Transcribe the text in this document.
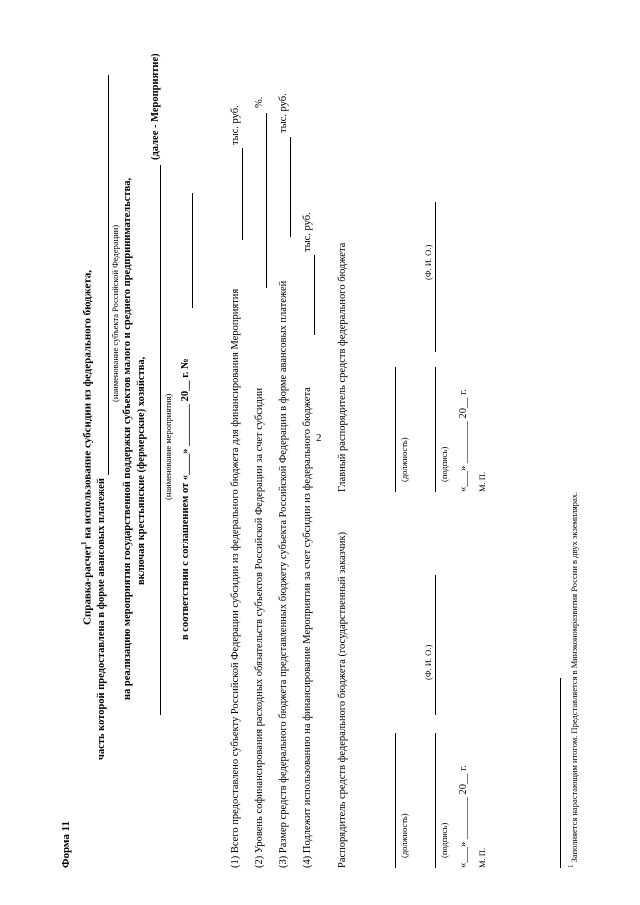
2
Форма 11
Справка-расчет$^1$ на использование субсидии из федерального бюджета,
часть которой предоставлена в форме авансовых платежей
(наименование субъекта Российской Федерации) на реализацию мероприятия государственной поддержки субъектов малого и среднего предпринимательства, включая крестьянские (фермерские) хозяйства,
(далее - Мероприятие)
(наименование мероприятия) в соответствии с соглашением от «____» ________ 20__ г. №	(1) Всего предоставлено субъекту Российской Федерации субсидии из федерального бюджета для финансирования Мероприятия
тыс. руб.
(2) Уровень софинансирования расходных обязательств субъектов Российской Федерации за счет субсидии
%.
(3) Размер средств федерального бюджета представленных бюджету субъекта Российской Федерации в форме авансовых платежей
тыс. руб.
(4) Подлежит использованию на финансирование Мероприятия за счет субсидии из федерального бюджета
тыс. руб.
Распорядитель средств федерального бюджета (государственный заказчик)
Главный распорядитель средств федерального бюджета
(должность)	(подпись)
(Ф. И. О.)
«___» ________ 20__ г. М. П.
(должность)	(подпись)
(Ф. И. О.)
«___» ________ 20__ г. М. П.
$^1$ Заполняется нарастающим итогом. Представляется в Минэкономразвития России в двух экземплярах.
